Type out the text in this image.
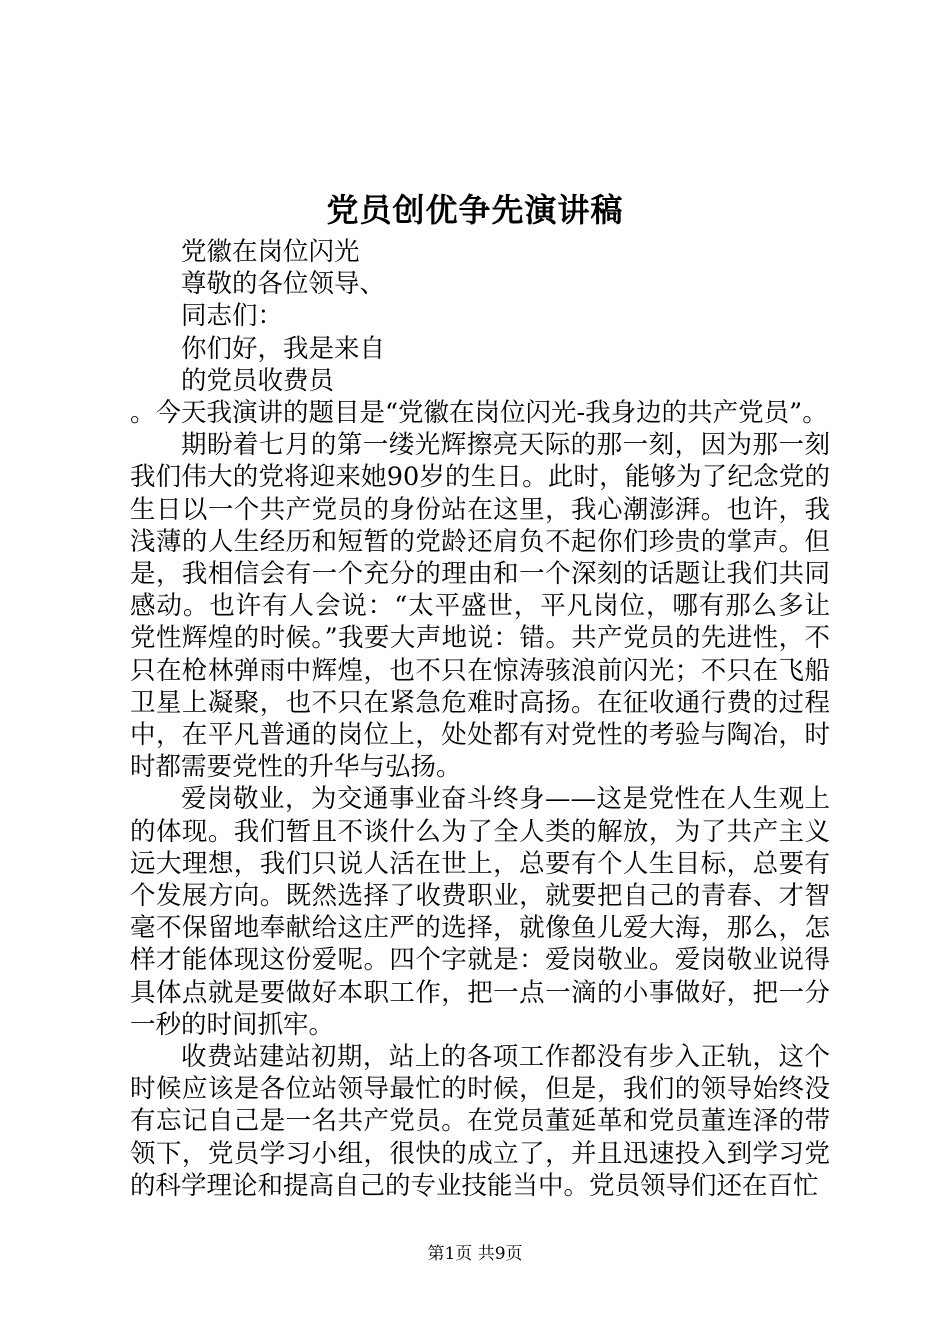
党员创优争先演讲稿

党徽在岗位闪光

尊敬的各位领导、

同志们：

你们好，我是来自

的党员收费员

。今天我演讲的题目是“党徽在岗位闪光-我身边的共产党员”。

期盼着七月的第一缕光辉擦亮天际的那一刻，因为那一刻我们伟大的党将迎来她90岁的生日。此时，能够为了纪念党的生日以一个共产党员的身份站在这里，我心潮澎湃。也许，我浅薄的人生经历和短暂的党龄还肩负不起你们珍贵的掌声。但是，我相信会有一个充分的理由和一个深刻的话题让我们共同感动。也许有人会说：“太平盛世，平凡岗位，哪有那么多让党性辉煌的时候。”我要大声地说：错。共产党员的先进性，不只在枪林弹雨中辉煌，也不只在惊涛骇浪前闪光；不只在飞船卫星上凝聚，也不只在紧急危难时高扬。在征收通行费的过程中，在平凡普通的岗位上，处处都有对党性的考验与陶冶，时时都需要党性的升华与弘扬。

爱岗敬业，为交通事业奋斗终身——这是党性在人生观上的体现。我们暂且不谈什么为了全人类的解放，为了共产主义远大理想，我们只说人活在世上，总要有个人生目标，总要有个发展方向。既然选择了收费职业，就要把自己的青春、才智毫不保留地奉献给这庄严的选择，就像鱼儿爱大海，那么，怎样才能体现这份爱呢。四个字就是：爱岗敬业。爱岗敬业说得具体点就是要做好本职工作，把一点一滴的小事做好，把一分一秒的时间抓牢。

收费站建站初期，站上的各项工作都没有步入正轨，这个时候应该是各位站领导最忙的时候，但是，我们的领导始终没有忘记自己是一名共产党员。在党员董延革和党员董连泽的带领下，党员学习小组，很快的成立了，并且迅速投入到学习党的科学理论和提高自己的专业技能当中。党员领导们还在百忙

第1页 共9页
